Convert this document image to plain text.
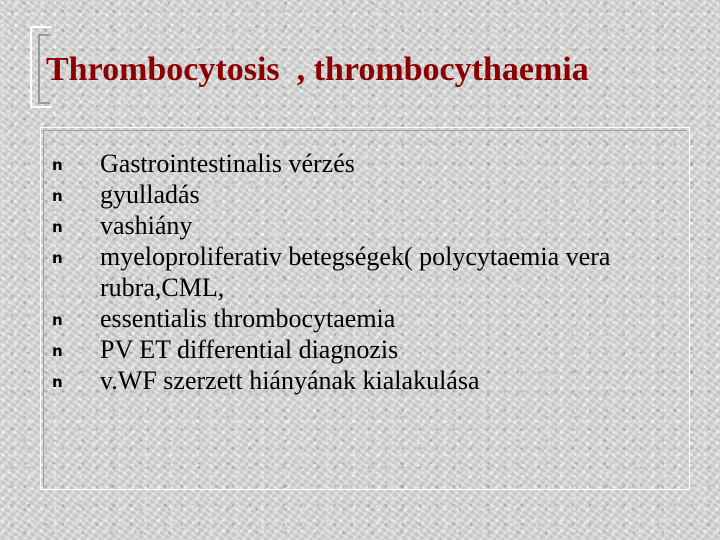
Thrombocytosis  , thrombocythaemia
n Gastrointestinalis vérzés
n gyulladás
n vashiány
n myeloproliferativ betegségek( polycytaemia vera rubra,CML,
n essentialis thrombocytaemia
n PV ET differential diagnozis
n v.WF szerzett hiányának kialakulása
